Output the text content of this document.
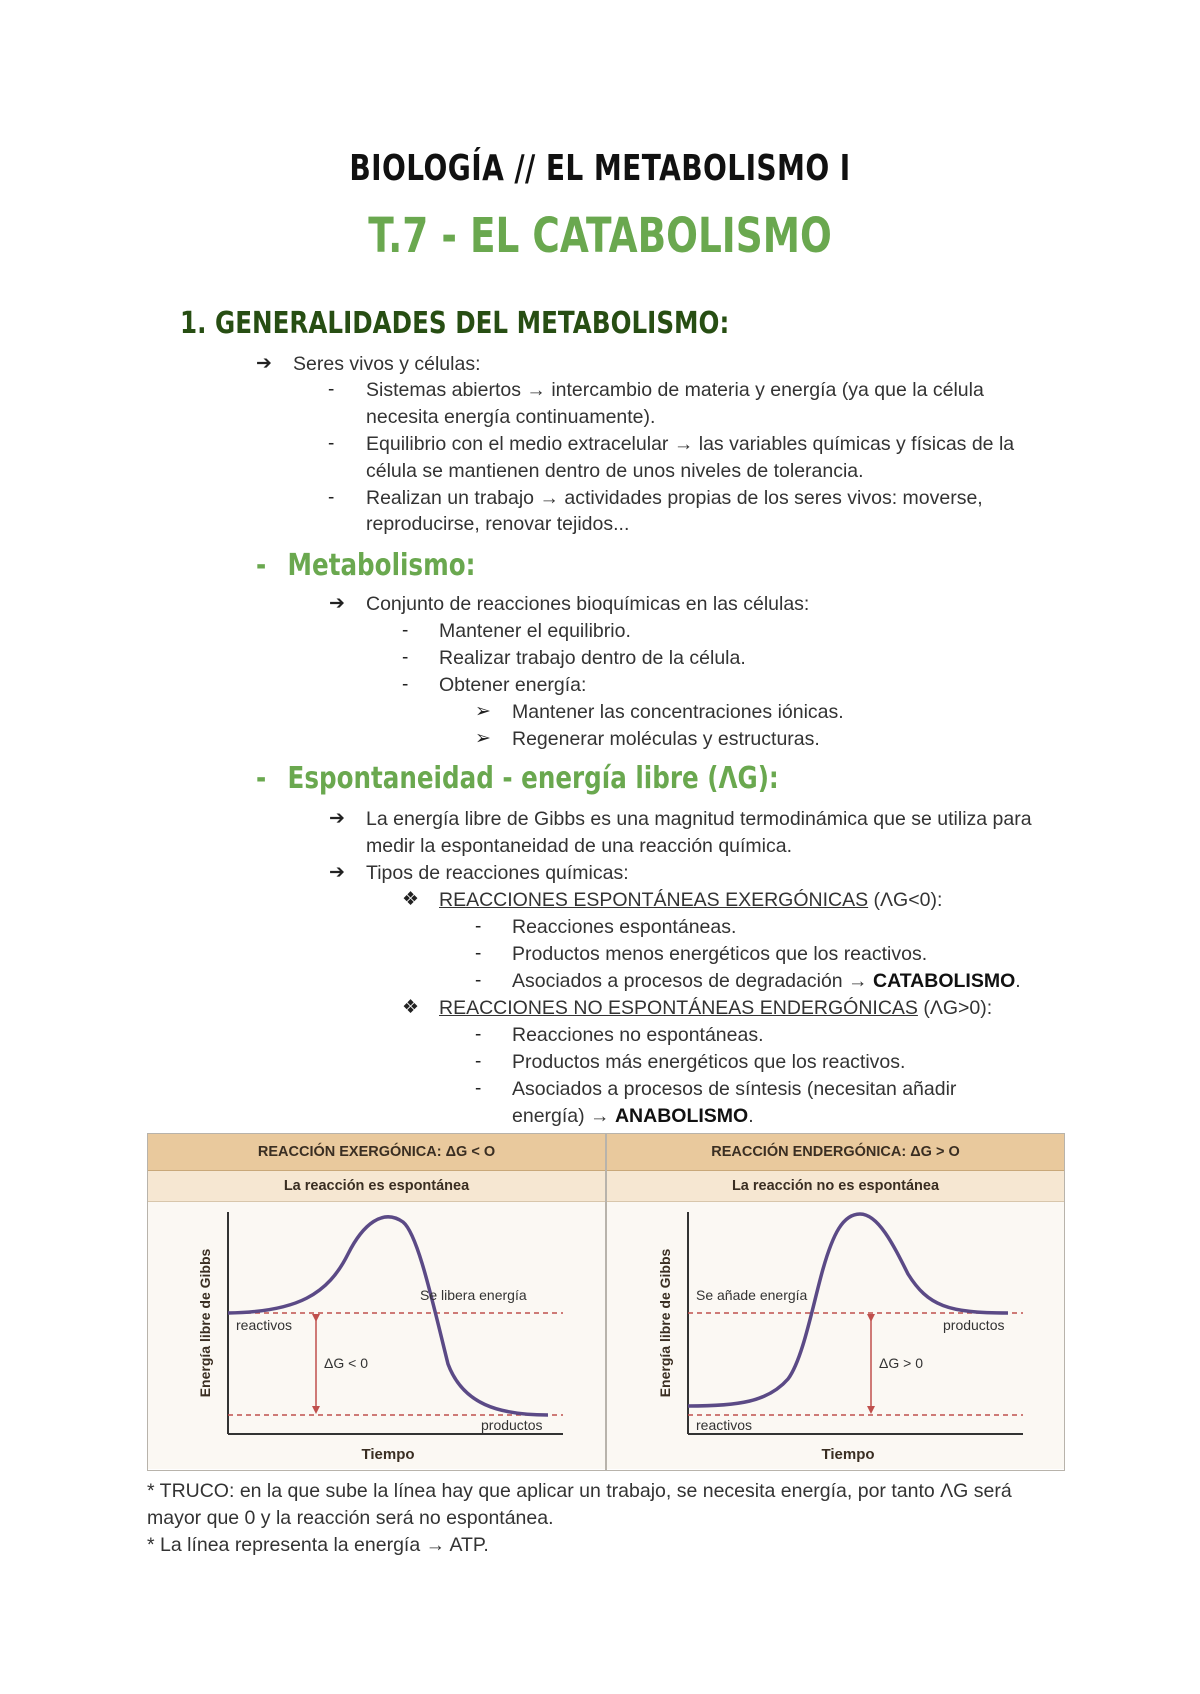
BIOLOGÍA // EL METABOLISMO I
T.7 - EL CATABOLISMO
1. GENERALIDADES DEL METABOLISMO:
➔ Seres vivos y células:
- Sistemas abiertos → intercambio de materia y energía (ya que la célula
necesita energía continuamente).
- Equilibrio con el medio extracelular → las variables químicas y físicas de la
célula se mantienen dentro de unos niveles de tolerancia.
- Realizan un trabajo → actividades propias de los seres vivos: moverse,
reproducirse, renovar tejidos...
- Metabolismo:
➔ Conjunto de reacciones bioquímicas en las células:
- Mantener el equilibrio.
- Realizar trabajo dentro de la célula.
- Obtener energía:
➢ Mantener las concentraciones iónicas.
➢ Regenerar moléculas y estructuras.
- Espontaneidad - energía libre (ΛG):
➔ La energía libre de Gibbs es una magnitud termodinámica que se utiliza para
medir la espontaneidad de una reacción química.
➔ Tipos de reacciones químicas:
❖ REACCIONES ESPONTÁNEAS EXERGÓNICAS (ΛG<0):
- Reacciones espontáneas.
- Productos menos energéticos que los reactivos.
- Asociados a procesos de degradación → CATABOLISMO.
❖ REACCIONES NO ESPONTÁNEAS ENDERGÓNICAS (ΛG>0):
- Reacciones no espontáneas.
- Productos más energéticos que los reactivos.
- Asociados a procesos de síntesis (necesitan añadir
energía) → ANABOLISMO.
REACCIÓN EXERGÓNICA: ΔG < O	REACCIÓN ENDERGÓNICA: ΔG > O
La reacción es espontánea	La reacción no es espontánea
Energía libre de Gibbs
Tiempo
Se libera energía
reactivos
ΔG < 0
productos
Energía libre de Gibbs
Tiempo
Se añade energía
productos
ΔG > 0
reactivos
* TRUCO: en la que sube la línea hay que aplicar un trabajo, se necesita energía, por tanto ΛG será
mayor que 0 y la reacción será no espontánea.
* La línea representa la energía → ATP.
